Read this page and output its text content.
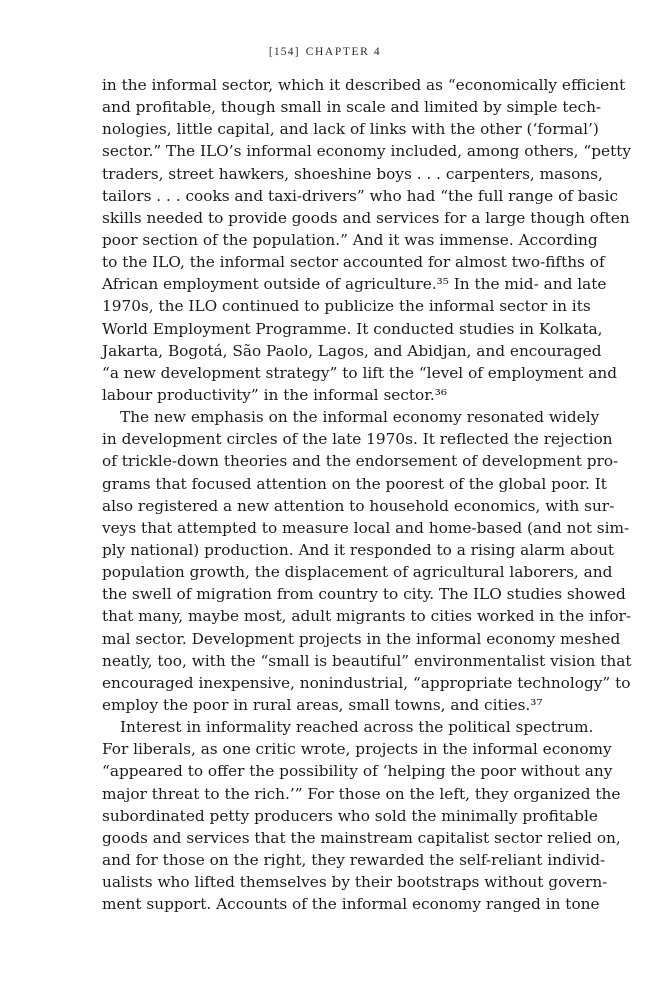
[154] CHAPTER 4
in the informal sector, which it described as “economically efficient
and profitable, though small in scale and limited by simple tech-
nologies, little capital, and lack of links with the other (‘formal’)
sector.” The ILO’s informal economy included, among others, “petty
traders, street hawkers, shoeshine boys . . . carpenters, masons,
tailors . . . cooks and taxi-drivers” who had “the full range of basic
skills needed to provide goods and services for a large though often
poor section of the population.” And it was immense. According
to the ILO, the informal sector accounted for almost two-fifths of
African employment outside of agriculture.³⁵ In the mid- and late
1970s, the ILO continued to publicize the informal sector in its
World Employment Programme. It conducted studies in Kolkata,
Jakarta, Bogotá, São Paolo, Lagos, and Abidjan, and encouraged
“a new development strategy” to lift the “level of employment and
labour productivity” in the informal sector.³⁶
The new emphasis on the informal economy resonated widely
in development circles of the late 1970s. It reflected the rejection
of trickle-down theories and the endorsement of development pro-
grams that focused attention on the poorest of the global poor. It
also registered a new attention to household economics, with sur-
veys that attempted to measure local and home-based (and not sim-
ply national) production. And it responded to a rising alarm about
population growth, the displacement of agricultural laborers, and
the swell of migration from country to city. The ILO studies showed
that many, maybe most, adult migrants to cities worked in the infor-
mal sector. Development projects in the informal economy meshed
neatly, too, with the “small is beautiful” environmentalist vision that
encouraged inexpensive, nonindustrial, “appropriate technology” to
employ the poor in rural areas, small towns, and cities.³⁷
Interest in informality reached across the political spectrum.
For liberals, as one critic wrote, projects in the informal economy
“appeared to offer the possibility of ‘helping the poor without any
major threat to the rich.’” For those on the left, they organized the
subordinated petty producers who sold the minimally profitable
goods and services that the mainstream capitalist sector relied on,
and for those on the right, they rewarded the self-reliant individ-
ualists who lifted themselves by their bootstraps without govern-
ment support. Accounts of the informal economy ranged in tone
